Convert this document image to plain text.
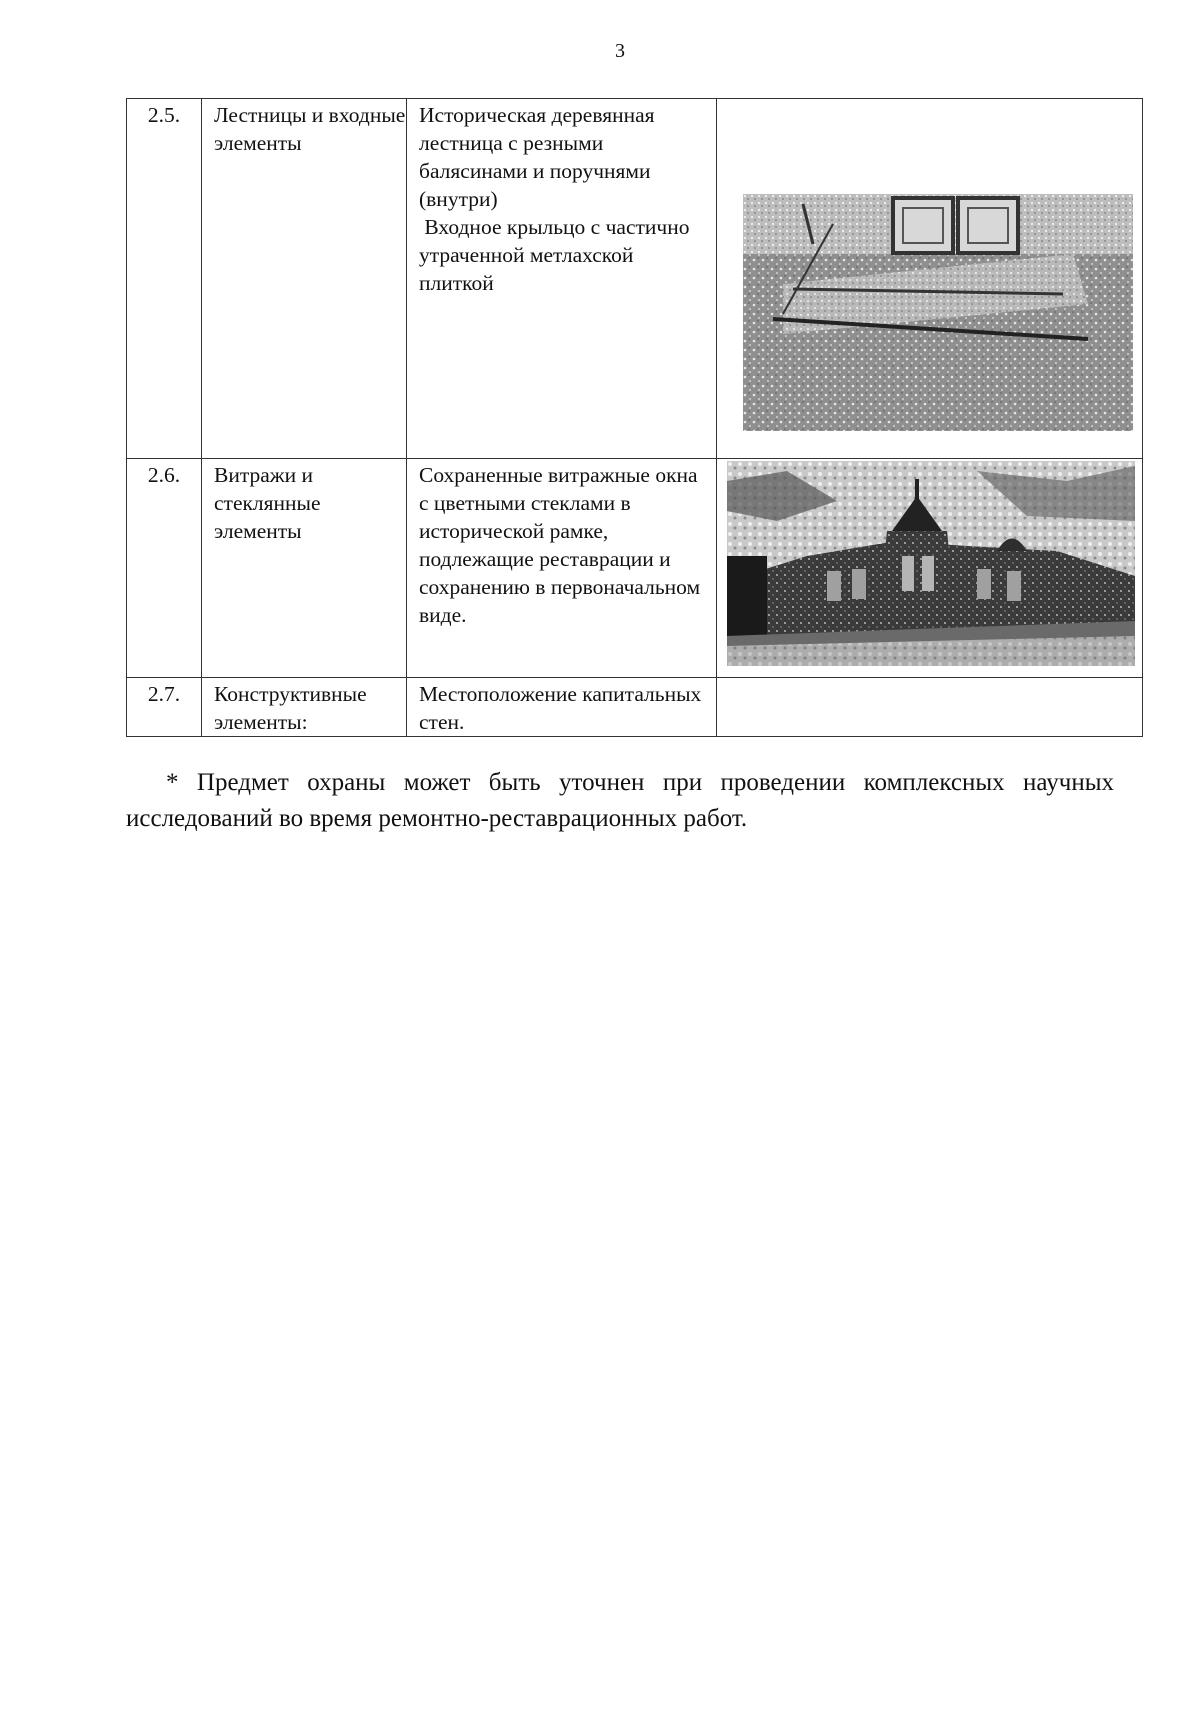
3
2.5.	Лестницы и входные элементы	Историческая деревянная лестница с резными балясинами и поручнями (внутри)
Входное крыльцо с частично утраченной метлахской плиткой

2.6.	Витражи и стеклянные элементы	Сохраненные витражные окна с цветными стеклами в исторической рамке, подлежащие реставрации и сохранению в первоначальном виде.

2.7.	Конструктивные элементы:	Местоположение капитальных стен.	

* Предмет охраны может быть уточнен при проведении комплексных научных исследований во время ремонтно-реставрационных работ.
